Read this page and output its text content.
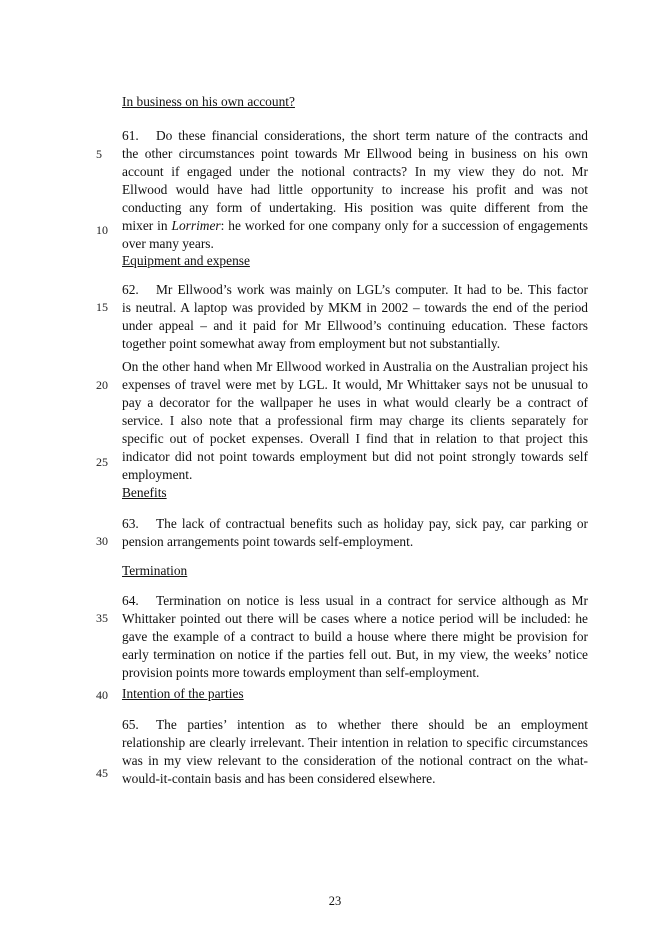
5
10
15
20
25
30
35
40
45
In business on his own account?
61. Do these financial considerations, the short term nature of the contracts and
the other circumstances point towards Mr Ellwood being in business on his own
account if engaged under the notional contracts? In my view they do not. Mr
Ellwood would have had little opportunity to increase his profit and was not
conducting any form of undertaking. His position was quite different from the
mixer in Lorrimer: he worked for one company only for a succession of engagements
over many years.
Equipment and expense
62. Mr Ellwood’s work was mainly on LGL’s computer. It had to be. This factor
is neutral. A laptop was provided by MKM in 2002 – towards the end of the period
under appeal – and it paid for Mr Ellwood’s continuing education. These factors
together point somewhat away from employment but not substantially.
On the other hand when Mr Ellwood worked in Australia on the Australian project his
expenses of travel were met by LGL. It would, Mr Whittaker says not be unusual to
pay a decorator for the wallpaper he uses in what would clearly be a contract of
service. I also note that a professional firm may charge its clients separately for
specific out of pocket expenses. Overall I find that in relation to that project this
indicator did not point towards employment but did not point strongly towards self
employment.
Benefits
63. The lack of contractual benefits such as holiday pay, sick pay, car parking or
pension arrangements point towards self-employment.
Termination
64. Termination on notice is less usual in a contract for service although as Mr
Whittaker pointed out there will be cases where a notice period will be included: he
gave the example of a contract to build a house where there might be provision for
early termination on notice if the parties fell out. But, in my view, the weeks’ notice
provision points more towards employment than self-employment.
Intention of the parties
65. The parties’ intention as to whether there should be an employment
relationship are clearly irrelevant. Their intention in relation to specific circumstances
was in my view relevant to the consideration of the notional contract on the what-
would-it-contain basis and has been considered elsewhere.
23
